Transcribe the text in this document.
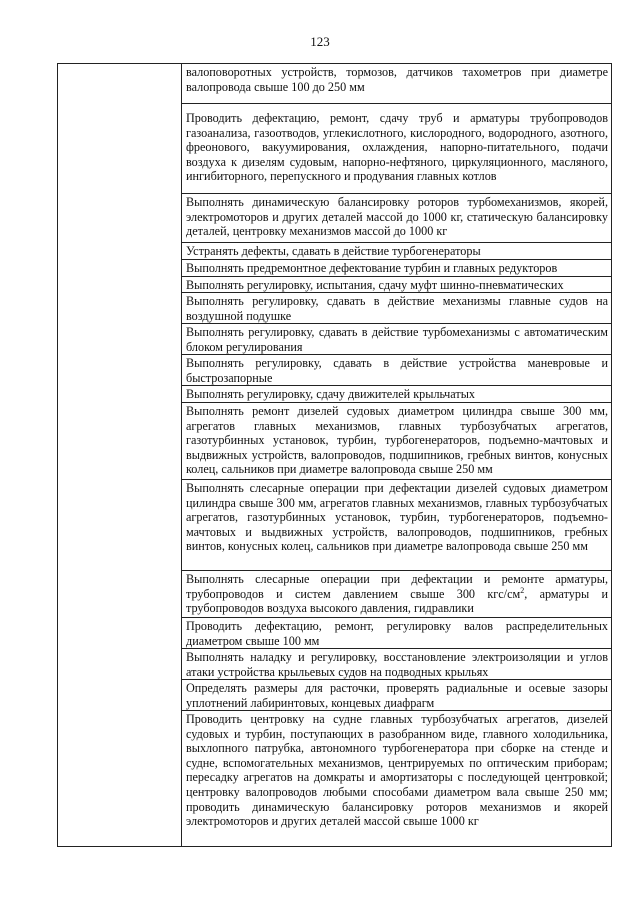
123

валоповоротных устройств, тормозов, датчиков тахометров при диаметре валопровода свыше 100 до 250 мм
Проводить дефектацию, ремонт, сдачу труб и арматуры трубопроводов газоанализа, газоотводов, углекислотного, кислородного, водородного, азотного, фреонового, вакуумирования, охлаждения, напорно-питательного, подачи воздуха к дизелям судовым, напорно-нефтяного, циркуляционного, масляного, ингибиторного, перепускного и продувания главных котлов
Выполнять динамическую балансировку роторов турбомеханизмов, якорей, электромоторов и других деталей массой до 1000 кг, статическую балансировку деталей, центровку механизмов массой до 1000 кг
Устранять дефекты, сдавать в действие турбогенераторы
Выполнять предремонтное дефектование турбин и главных редукторов
Выполнять регулировку, испытания, сдачу муфт шинно-пневматических
Выполнять регулировку, сдавать в действие механизмы главные судов на воздушной подушке
Выполнять регулировку, сдавать в действие турбомеханизмы с автоматическим блоком регулирования
Выполнять регулировку, сдавать в действие устройства маневровые и быстрозапорные
Выполнять регулировку, сдачу движителей крыльчатых
Выполнять ремонт дизелей судовых диаметром цилиндра свыше 300 мм, агрегатов главных механизмов, главных турбозубчатых агрегатов, газотурбинных установок, турбин, турбогенераторов, подъемно-мачтовых и выдвижных устройств, валопроводов, подшипников, гребных винтов, конусных колец, сальников при диаметре валопровода свыше 250 мм
Выполнять слесарные операции при дефектации дизелей судовых диаметром цилиндра свыше 300 мм, агрегатов главных механизмов, главных турбозубчатых агрегатов, газотурбинных установок, турбин, турбогенераторов, подъемно-мачтовых и выдвижных устройств, валопроводов, подшипников, гребных винтов, конусных колец, сальников при диаметре валопровода свыше 250 мм
Выполнять слесарные операции при дефектации и ремонте арматуры, трубопроводов и систем давлением свыше 300 кгс/$см^2$, арматуры и трубопроводов воздуха высокого давления, гидравлики
Проводить дефектацию, ремонт, регулировку валов распределительных диаметром свыше 100 мм
Выполнять наладку и регулировку, восстановление электроизоляции и углов атаки устройства крыльевых судов на подводных крыльях
Определять размеры для расточки, проверять радиальные и осевые зазоры уплотнений лабиринтовых, концевых диафрагм
Проводить центровку на судне главных турбозубчатых агрегатов, дизелей судовых и турбин, поступающих в разобранном виде, главного холодильника, выхлопного патрубка, автономного турбогенератора при сборке на стенде и судне, вспомогательных механизмов, центрируемых по оптическим приборам; пересадку агрегатов на домкраты и амортизаторы с последующей центровкой; центровку валопроводов любыми способами диаметром вала свыше 250 мм; проводить динамическую балансировку роторов механизмов и якорей электромоторов и других деталей массой свыше 1000 кг
